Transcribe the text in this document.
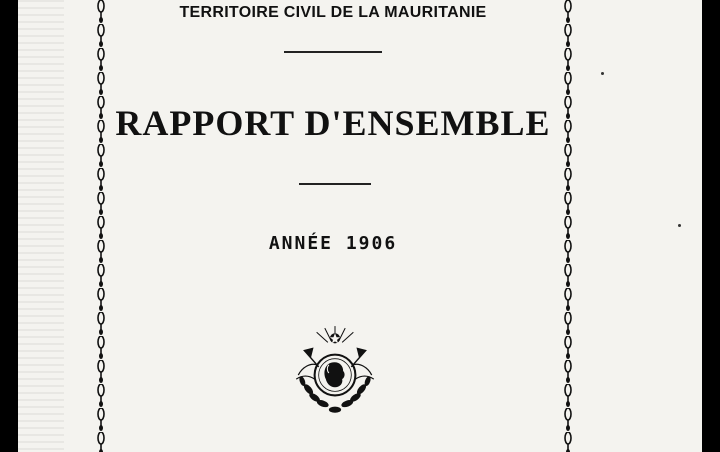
TERRITOIRE CIVIL DE LA MAURITANIE
RAPPORT D'ENSEMBLE
ANNÉE 1906
